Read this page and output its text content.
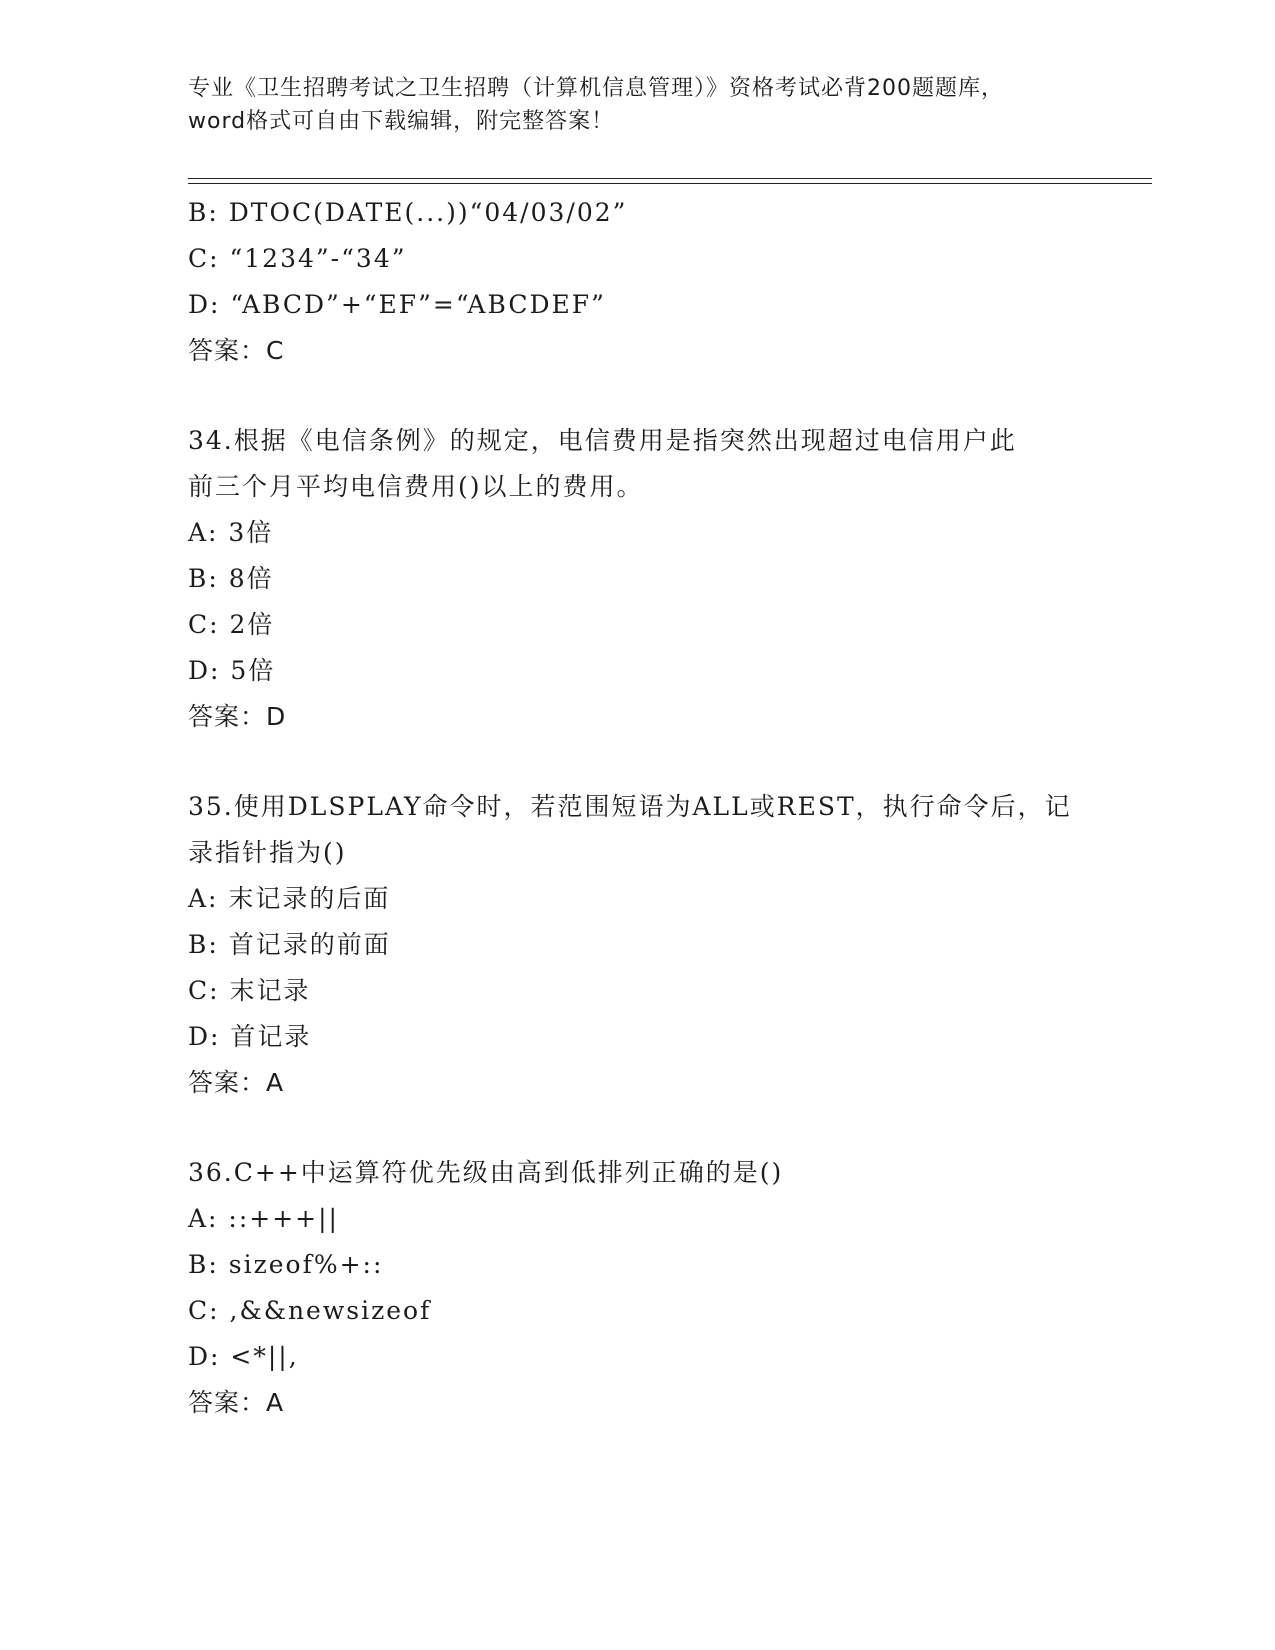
专业《卫生招聘考试之卫生招聘（计算机信息管理）》资格考试必背200题题库，
word格式可自由下载编辑，附完整答案！
B: DTOC(DATE(...))“04/03/02”
C: “1234”-“34”
D: “ABCD”+“EF”=“ABCDEF”
答案：C
34.根据《电信条例》的规定，电信费用是指突然出现超过电信用户此
前三个月平均电信费用()以上的费用。
A: 3倍
B: 8倍
C: 2倍
D: 5倍
答案：D
35.使用DLSPLAY命令时，若范围短语为ALL或REST，执行命令后，记
录指针指为()
A: 末记录的后面
B: 首记录的前面
C: 末记录
D: 首记录
答案：A
36.C++中运算符优先级由高到低排列正确的是()
A: ::+++||
B: sizeof%+::
C: ,&&newsizeof
D: <*||,
答案：A
